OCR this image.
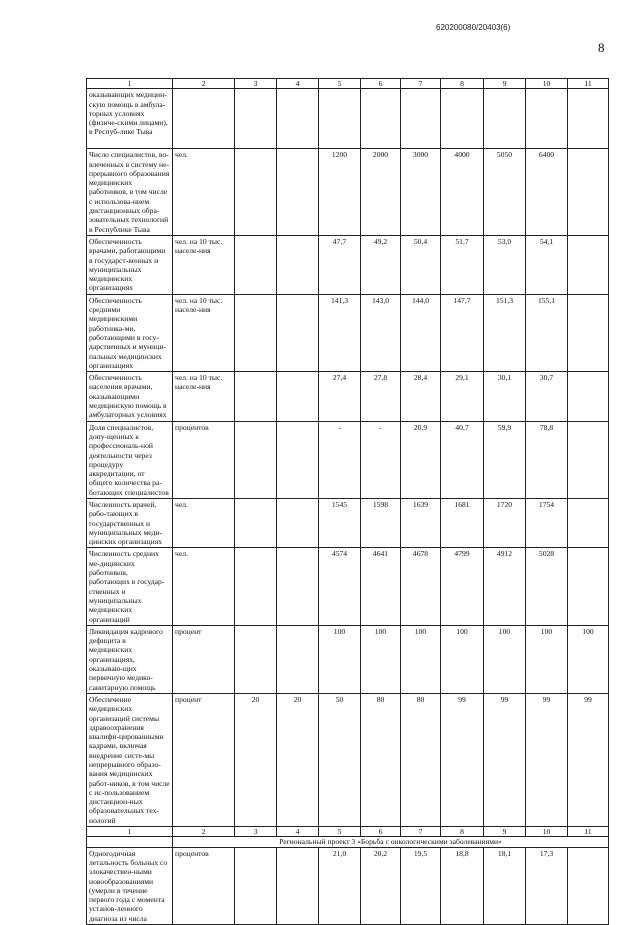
620200080/20403(6)
8
1	2	3	4	5	6	7	8	9	10	11
оказывающих медицин-скую помощь в амбула-торных условиях (физиче-скими лицами), в Респуб-лике Тыва										
Число специалистов, во-влеченных в систему не-прерывного образования медицинских работников, в том числе с использова-нием дистанционных обра-зовательных технологий в Республике Тыва	чел.			1200	2000	3000	4000	5050	6400	
Обеспеченность врачами, работающими в государст-венных и муниципальных медицинских организациях	чел. на 10 тыс. населе-ния			47,7	49,2	50,4	51,7	53,0	54,1	
Обеспеченность средними медицинскими работника-ми, работающими в госу-дарственных и муници-пальных медицинских организациях	чел. на 10 тыс. населе-ния			141,3	143,0	144,0	147,7	151,3	155,1	
Обеспеченность населения врачами, оказывающими медицинскую помощь в амбулаторных условиях	чел. на 10 тыс. населе-ния			27,4	27,8	28,4	29,1	30,1	30,7	
Доля специалистов, допу-щенных к профессиональ-ной деятельности через процедуру аккредитации, от общего количества ра-ботающих специалистов	процентов			-	-	20,9	40,7	59,9	78,8	
Численность врачей, рабо-тающих в государственных и муниципальных меди-цинских организациях	чел.			1545	1598	1639	1681	1720	1754	
Численность средних ме-дицинских работников, работающих в государ-ственных и муниципальных медицинских организаций	чел.			4574	4641	4678	4799	4912	5028	
Ликвидация кадрового дефицита в медицинских организациях, оказываю-щих первичную медико-санитарную помощь	процент			100	100	100	100	100	100	100
Обеспечение медицинских организаций системы здравоохранения квалифи-цированными кадрами, включая внедрение систе-мы непрерывного образо-вания медицинских работ-ников, в том числе с ис-пользованием дистанцион-ных образовательных тех-нологий	процент	20	20	50	80	80	99	99	99	99
1	2	3	4	5	6	7	8	9	10	11
	Региональный проект 3 «Борьба с онкологическими заболеваниями»									
Одногодичная летальность больных со злокачествен-ными новообразованиями (умерли в течение первого года с момента установ-ленного диагноза из числа	процентов			21,0	20,2	19,5	18,8	18,1	17,3	
